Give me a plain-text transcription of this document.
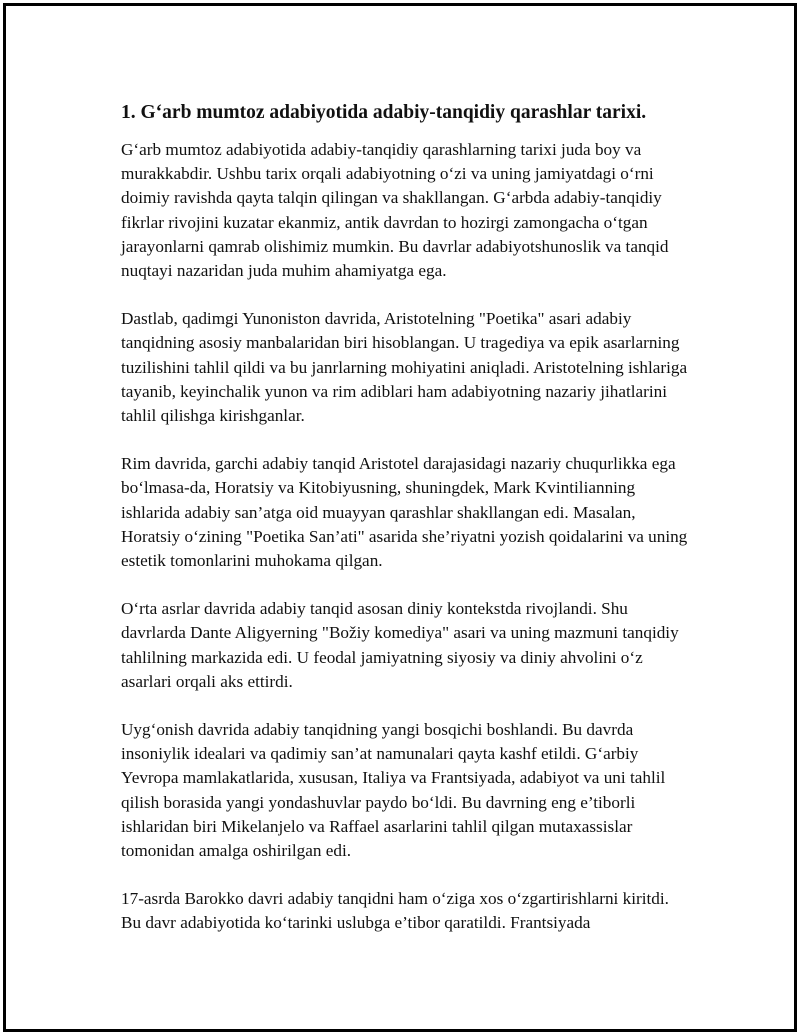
1. G‘arb mumtoz adabiyotida adabiy-tanqidiy qarashlar tarixi.

G‘arb mumtoz adabiyotida adabiy-tanqidiy qarashlarning tarixi juda boy va murakkabdir. Ushbu tarix orqali adabiyotning o‘zi va uning jamiyatdagi o‘rni doimiy ravishda qayta talqin qilingan va shakllangan. G‘arbda adabiy-tanqidiy fikrlar rivojini kuzatar ekanmiz, antik davrdan to hozirgi zamongacha o‘tgan jarayonlarni qamrab olishimiz mumkin. Bu davrlar adabiyotshunoslik va tanqid nuqtayi nazaridan juda muhim ahamiyatga ega.

Dastlab, qadimgi Yunoniston davrida, Aristotelning "Poetika" asari adabiy tanqidning asosiy manbalaridan biri hisoblangan. U tragediya va epik asarlarning tuzilishini tahlil qildi va bu janrlarning mohiyatini aniqladi. Aristotelning ishlariga tayanib, keyinchalik yunon va rim adiblari ham adabiyotning nazariy jihatlarini tahlil qilishga kirishganlar.

Rim davrida, garchi adabiy tanqid Aristotel darajasidagi nazariy chuqurlikka ega bo‘lmasa-da, Horatsiy va Kitobiyusning, shuningdek, Mark Kvintilianning ishlarida adabiy san’atga oid muayyan qarashlar shakllangan edi. Masalan, Horatsiy o‘zining "Poetika San’ati" asarida she’riyatni yozish qoidalarini va uning estetik tomonlarini muhokama qilgan.

O‘rta asrlar davrida adabiy tanqid asosan diniy kontekstda rivojlandi. Shu davrlarda Dante Aligyerning "Božiy komediya" asari va uning mazmuni tanqidiy tahlilning markazida edi. U feodal jamiyatning siyosiy va diniy ahvolini o‘z asarlari orqali aks ettirdi.

Uyg‘onish davrida adabiy tanqidning yangi bosqichi boshlandi. Bu davrda insoniylik idealari va qadimiy san’at namunalari qayta kashf etildi. G‘arbiy Yevropa mamlakatlarida, xususan, Italiya va Frantsiyada, adabiyot va uni tahlil qilish borasida yangi yondashuvlar paydo bo‘ldi. Bu davrning eng e’tiborli ishlaridan biri Mikelanjelo va Raffael asarlarini tahlil qilgan mutaxassislar tomonidan amalga oshirilgan edi.

17-asrda Barokko davri adabiy tanqidni ham o‘ziga xos o‘zgartirishlarni kiritdi. Bu davr adabiyotida ko‘tarinki uslubga e’tibor qaratildi. Frantsiyada
